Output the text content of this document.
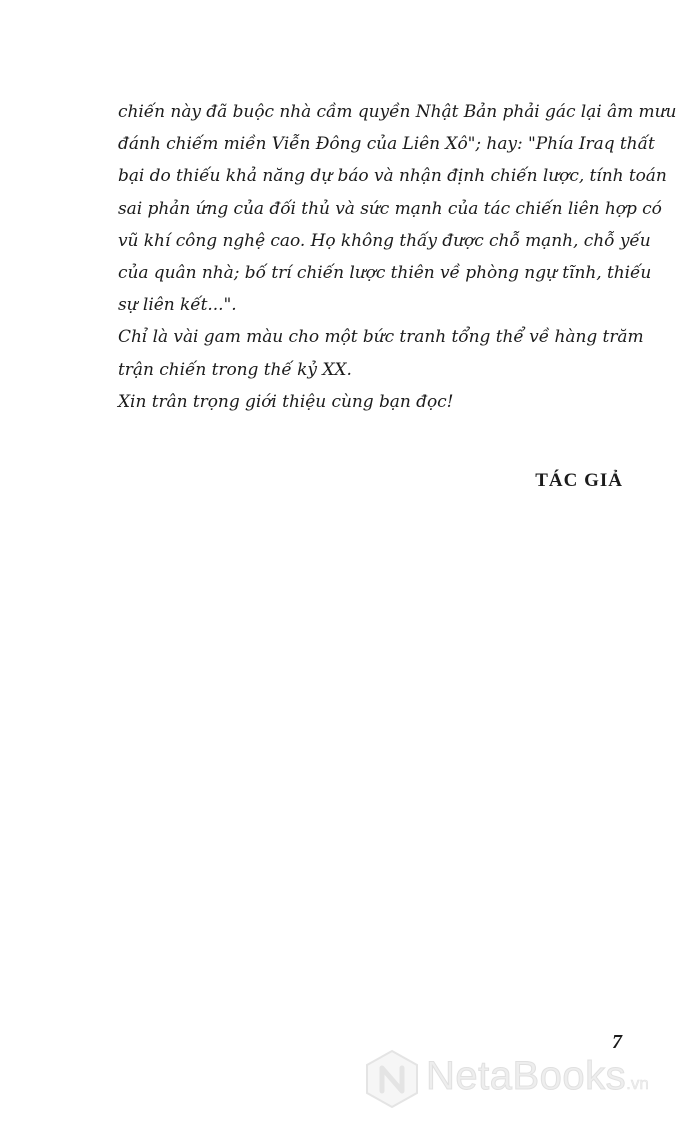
chiến này đã buộc nhà cầm quyền Nhật Bản phải gác lại âm mưu
đánh chiếm miền Viễn Đông của Liên Xô"; hay: "Phía Iraq thất
bại do thiếu khả năng dự báo và nhận định chiến lược, tính toán
sai phản ứng của đối thủ và sức mạnh của tác chiến liên hợp có
vũ khí công nghệ cao. Họ không thấy được chỗ mạnh, chỗ yếu
của quân nhà; bố trí chiến lược thiên về phòng ngự tĩnh, thiếu
sự liên kết...".
Chỉ là vài gam màu cho một bức tranh tổng thể về hàng trăm
trận chiến trong thế kỷ XX.
Xin trân trọng giới thiệu cùng bạn đọc!
TÁC GIẢ
7
NetaBooks.vn
